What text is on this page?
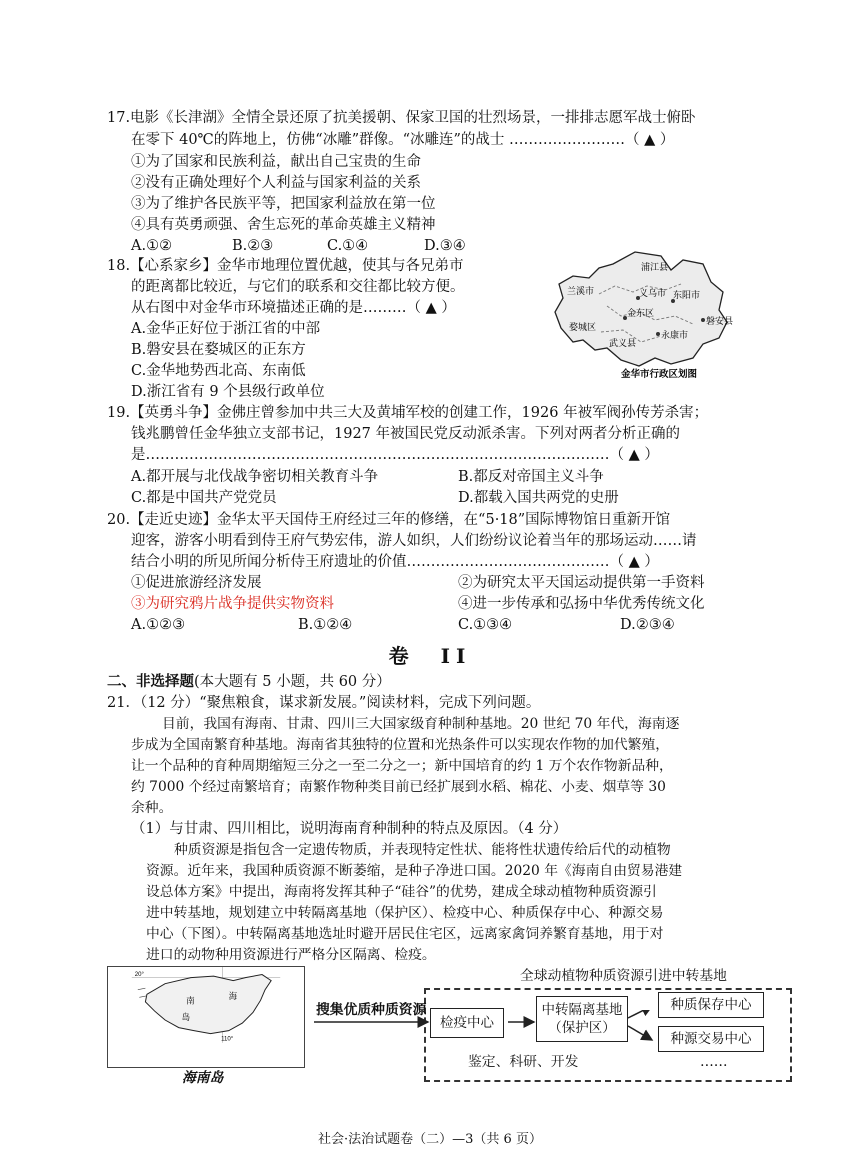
17.电影《长津湖》全情全景还原了抗美援朝、保家卫国的壮烈场景，一排排志愿军战士俯卧
在零下 40℃的阵地上，仿佛“冰雕”群像。“冰雕连”的战士 ……………………（ ▲ ）
①为了国家和民族利益，献出自己宝贵的生命
②没有正确处理好个人利益与国家利益的关系
③为了维护各民族平等，把国家利益放在第一位
④具有英勇顽强、舍生忘死的革命英雄主义精神
A.①②	B.②③	C.①④	D.③④
18.【心系家乡】金华市地理位置优越，使其与各兄弟市
的距离都比较近，与它们的联系和交往都比较方便。
从右图中对金华市环境描述正确的是………（ ▲ ）
A.金华正好位于浙江省的中部
B.磐安县在婺城区的正东方
C.金华地势西北高、东南低
D.浙江省有 9 个县级行政单位
浦江县
兰溪市	义乌市 东阳市
金东区
婺城区
磐安县
武义县
永康市
金华市行政区划图
19.【英勇斗争】金佛庄曾参加中共三大及黄埔军校的创建工作，1926 年被军阀孙传芳杀害；
钱兆鹏曾任金华独立支部书记，1927 年被国民党反动派杀害。下列对两者分析正确的
是……………………………………………………………………………………（ ▲ ）
A.都开展与北伐战争密切相关教育斗争	B.都反对帝国主义斗争
C.都是中国共产党党员	D.都载入国共两党的史册
20.【走近史迹】金华太平天国侍王府经过三年的修缮，在“5·18”国际博物馆日重新开馆
迎客，游客小明看到侍王府气势宏伟，游人如织，人们纷纷议论着当年的那场运动……请
结合小明的所见所闻分析侍王府遗址的价值……………………………………（ ▲ ）
①促进旅游经济发展	②为研究太平天国运动提供第一手资料
③为研究鸦片战争提供实物资料	④进一步传承和弘扬中华优秀传统文化
A.①②③	B.①②④	C.①③④	D.②③④
卷　II
二、非选择题(本大题有 5 小题，共 60 分）
21．（12 分）“聚焦粮食，谋求新发展。”阅读材料，完成下列问题。
目前，我国有海南、甘肃、四川三大国家级育种制种基地。20 世纪 70 年代，海南逐
步成为全国南繁育种基地。海南省其独特的位置和光热条件可以实现农作物的加代繁殖，
让一个品种的育种周期缩短三分之一至二分之一；新中国培育的约 1 万个农作物新品种，
约 7000 个经过南繁培育；南繁作物种类目前已经扩展到水稻、棉花、小麦、烟草等 30
余种。
（1）与甘肃、四川相比，说明海南育种制种的特点及原因。（4 分）
种质资源是指包含一定遗传物质，并表现特定性状、能将性状遗传给后代的动植物
资源。近年来，我国种质资源不断萎缩，是种子净进口国。2020 年《海南自由贸易港建
设总体方案》中提出，海南将发挥其种子“硅谷”的优势，建成全球动植物种质资源引
进中转基地，规划建立中转隔离基地（保护区）、检疫中心、种质保存中心、种源交易
中心（下图）。中转隔离基地选址时避开居民住宅区，远离家禽饲养繁育基地，用于对
进口的动物种用资源进行严格分区隔离、检疫。
20°
110°
南	海
岛
海南岛
全球动植物种质资源引进中转基地
搜集优质种质资源
检疫中心
中转隔离基地
（保护区）
种质保存中心
种源交易中心
鉴定、科研、开发	……
社会·法治试题卷（二）—3（共 6 页）
